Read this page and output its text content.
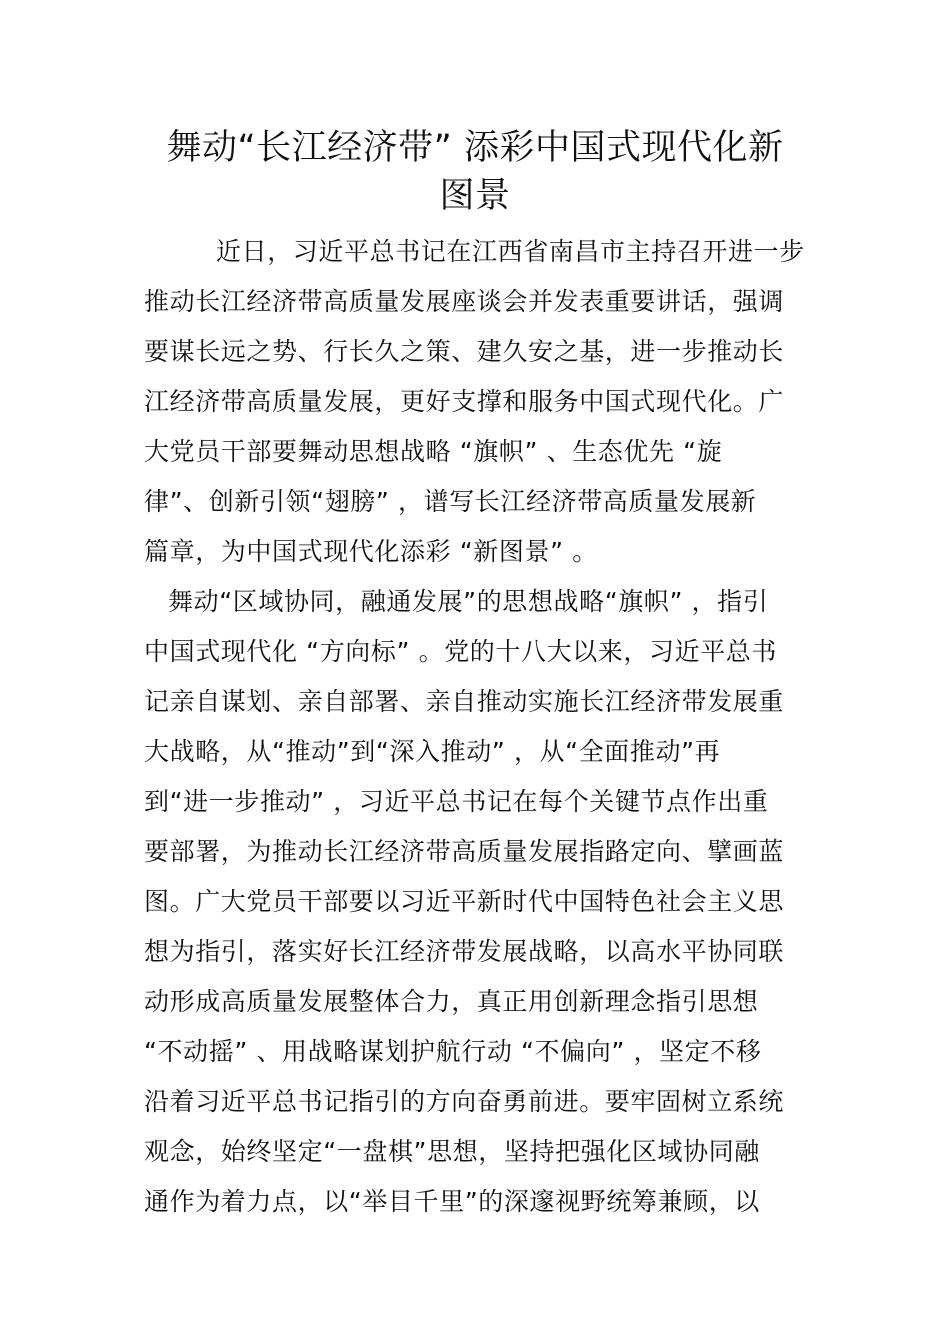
舞动“长江经济带” 添彩中国式现代化新
图景
近日，习近平总书记在江西省南昌市主持召开进一步
推动长江经济带高质量发展座谈会并发表重要讲话，强调
要谋长远之势、行长久之策、建久安之基，进一步推动长
江经济带高质量发展，更好支撑和服务中国式现代化。广
大党员干部要舞动思想战略 “旗帜” 、生态优先 “旋
律”、创新引领“翅膀” ，谱写长江经济带高质量发展新
篇章，为中国式现代化添彩 “新图景” 。
舞动“区域协同，融通发展”的思想战略“旗帜” ，指引
中国式现代化 “方向标” 。党的十八大以来，习近平总书
记亲自谋划、亲自部署、亲自推动实施长江经济带发展重
大战略，从“推动”到“深入推动” ，从“全面推动”再
到“进一步推动” ，习近平总书记在每个关键节点作出重
要部署，为推动长江经济带高质量发展指路定向、擘画蓝
图。广大党员干部要以习近平新时代中国特色社会主义思
想为指引，落实好长江经济带发展战略，以高水平协同联
动形成高质量发展整体合力，真正用创新理念指引思想
“不动摇” 、用战略谋划护航行动 “不偏向” ，坚定不移
沿着习近平总书记指引的方向奋勇前进。要牢固树立系统
观念，始终坚定“一盘棋”思想，坚持把强化区域协同融
通作为着力点，以“举目千里”的深邃视野统筹兼顾，以
